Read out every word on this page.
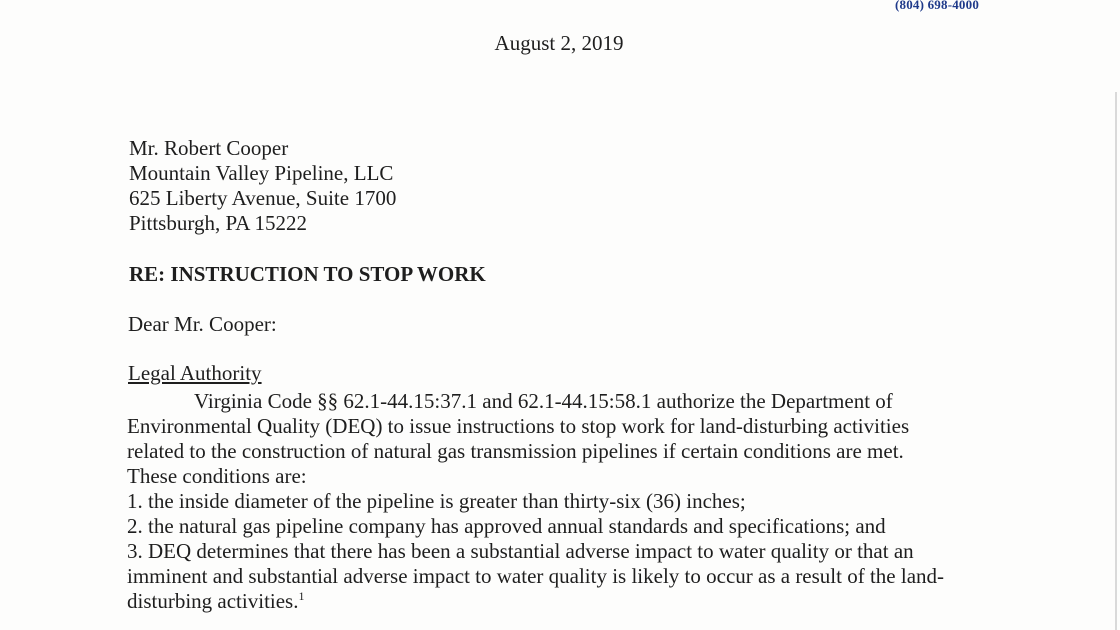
(804) 698-4000
August 2, 2019
Mr. Robert Cooper
Mountain Valley Pipeline, LLC
625 Liberty Avenue, Suite 1700
Pittsburgh, PA 15222
RE: INSTRUCTION TO STOP WORK
Dear Mr. Cooper:
Legal Authority
Virginia Code §§ 62.1-44.15:37.1 and 62.1-44.15:58.1 authorize the Department of
Environmental Quality (DEQ) to issue instructions to stop work for land-disturbing activities
related to the construction of natural gas transmission pipelines if certain conditions are met.
These conditions are:
1. the inside diameter of the pipeline is greater than thirty-six (36) inches;
2. the natural gas pipeline company has approved annual standards and specifications; and
3. DEQ determines that there has been a substantial adverse impact to water quality or that an
imminent and substantial adverse impact to water quality is likely to occur as a result of the land-
disturbing activities.$^1$
